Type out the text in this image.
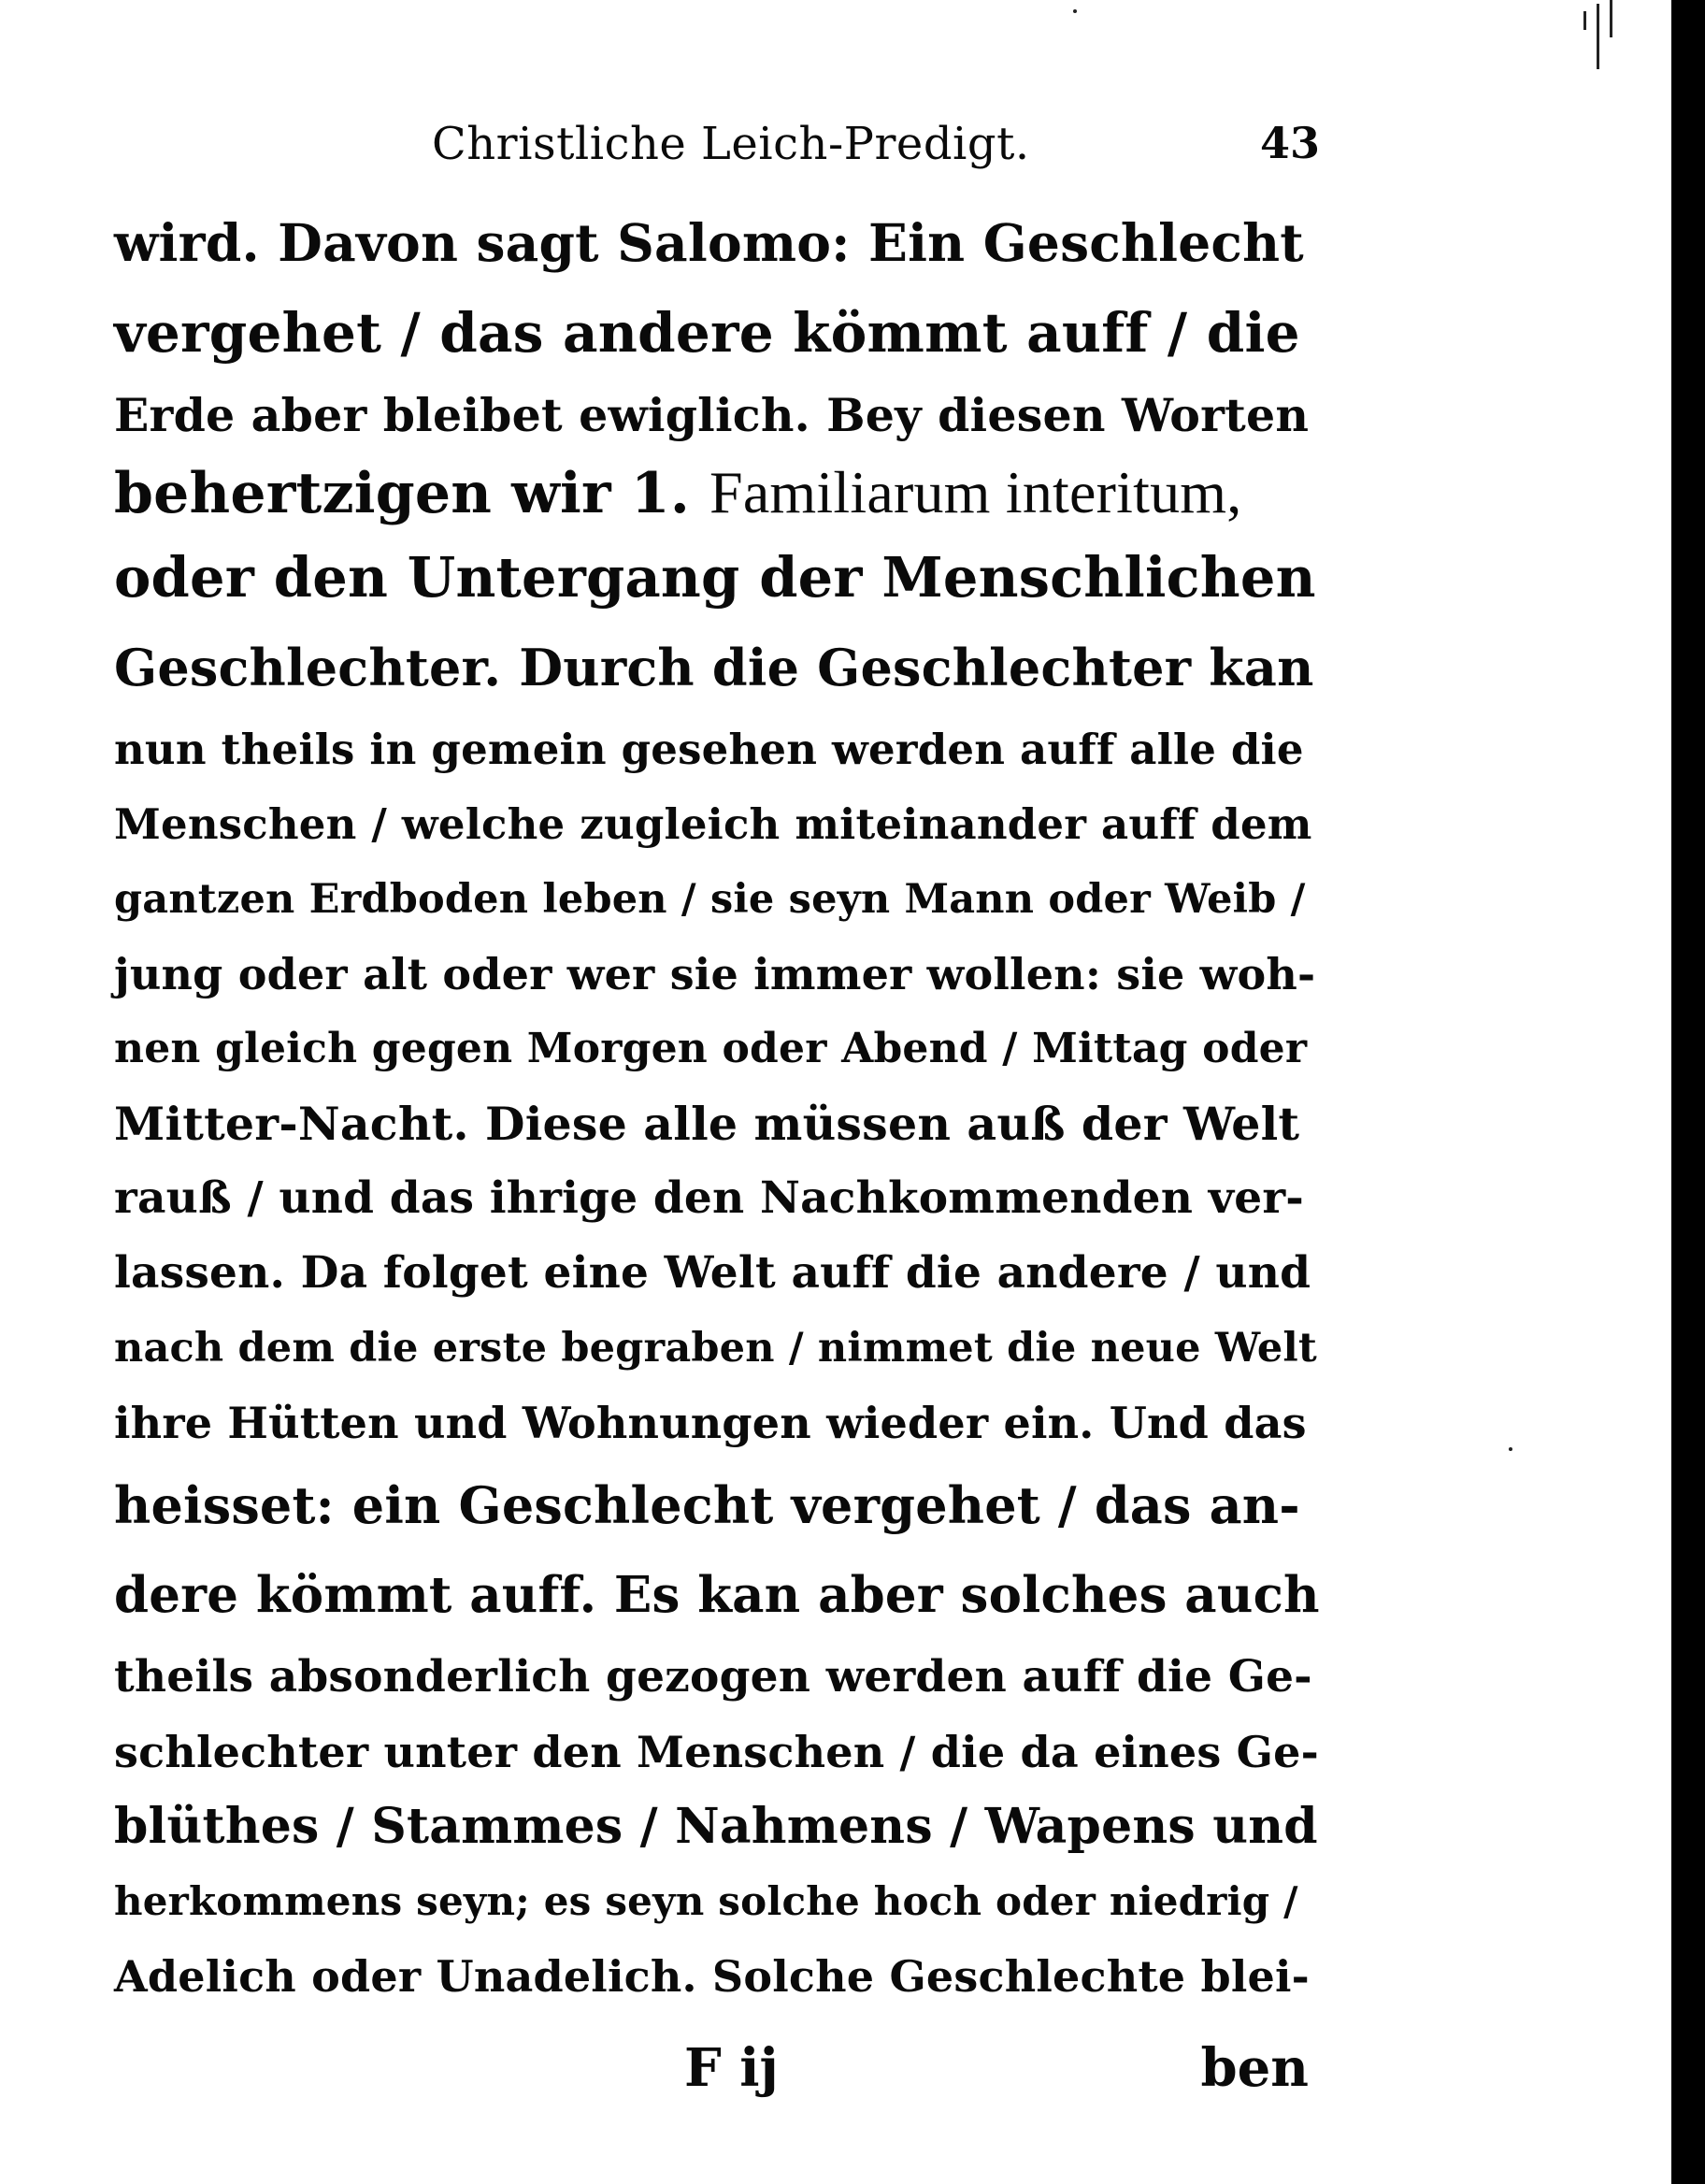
Christliche Leich-Predigt.	43
wird. Davon sagt Salomo: Ein Geschlecht
vergehet / das andere kömmt auff / die
Erde aber bleibet ewiglich. Bey diesen Worten
behertzigen wir 1. Familiarum interitum,
oder den Untergang der Menschlichen
Geschlechter. Durch die Geschlechter kan
nun theils in gemein gesehen werden auff alle die
Menschen / welche zugleich miteinander auff dem
gantzen Erdboden leben / sie seyn Mann oder Weib /
jung oder alt oder wer sie immer wollen: sie woh-
nen gleich gegen Morgen oder Abend / Mittag oder
Mitter-Nacht. Diese alle müssen auß der Welt
rauß / und das ihrige den Nachkommenden ver-
lassen. Da folget eine Welt auff die andere / und
nach dem die erste begraben / nimmet die neue Welt
ihre Hütten und Wohnungen wieder ein. Und das
heisset: ein Geschlecht vergehet / das an-
dere kömmt auff. Es kan aber solches auch
theils absonderlich gezogen werden auff die Ge-
schlechter unter den Menschen / die da eines Ge-
blüthes / Stammes / Nahmens / Wapens und
herkommens seyn; es seyn solche hoch oder niedrig /
Adelich oder Unadelich. Solche Geschlechte blei-
F ij	ben
